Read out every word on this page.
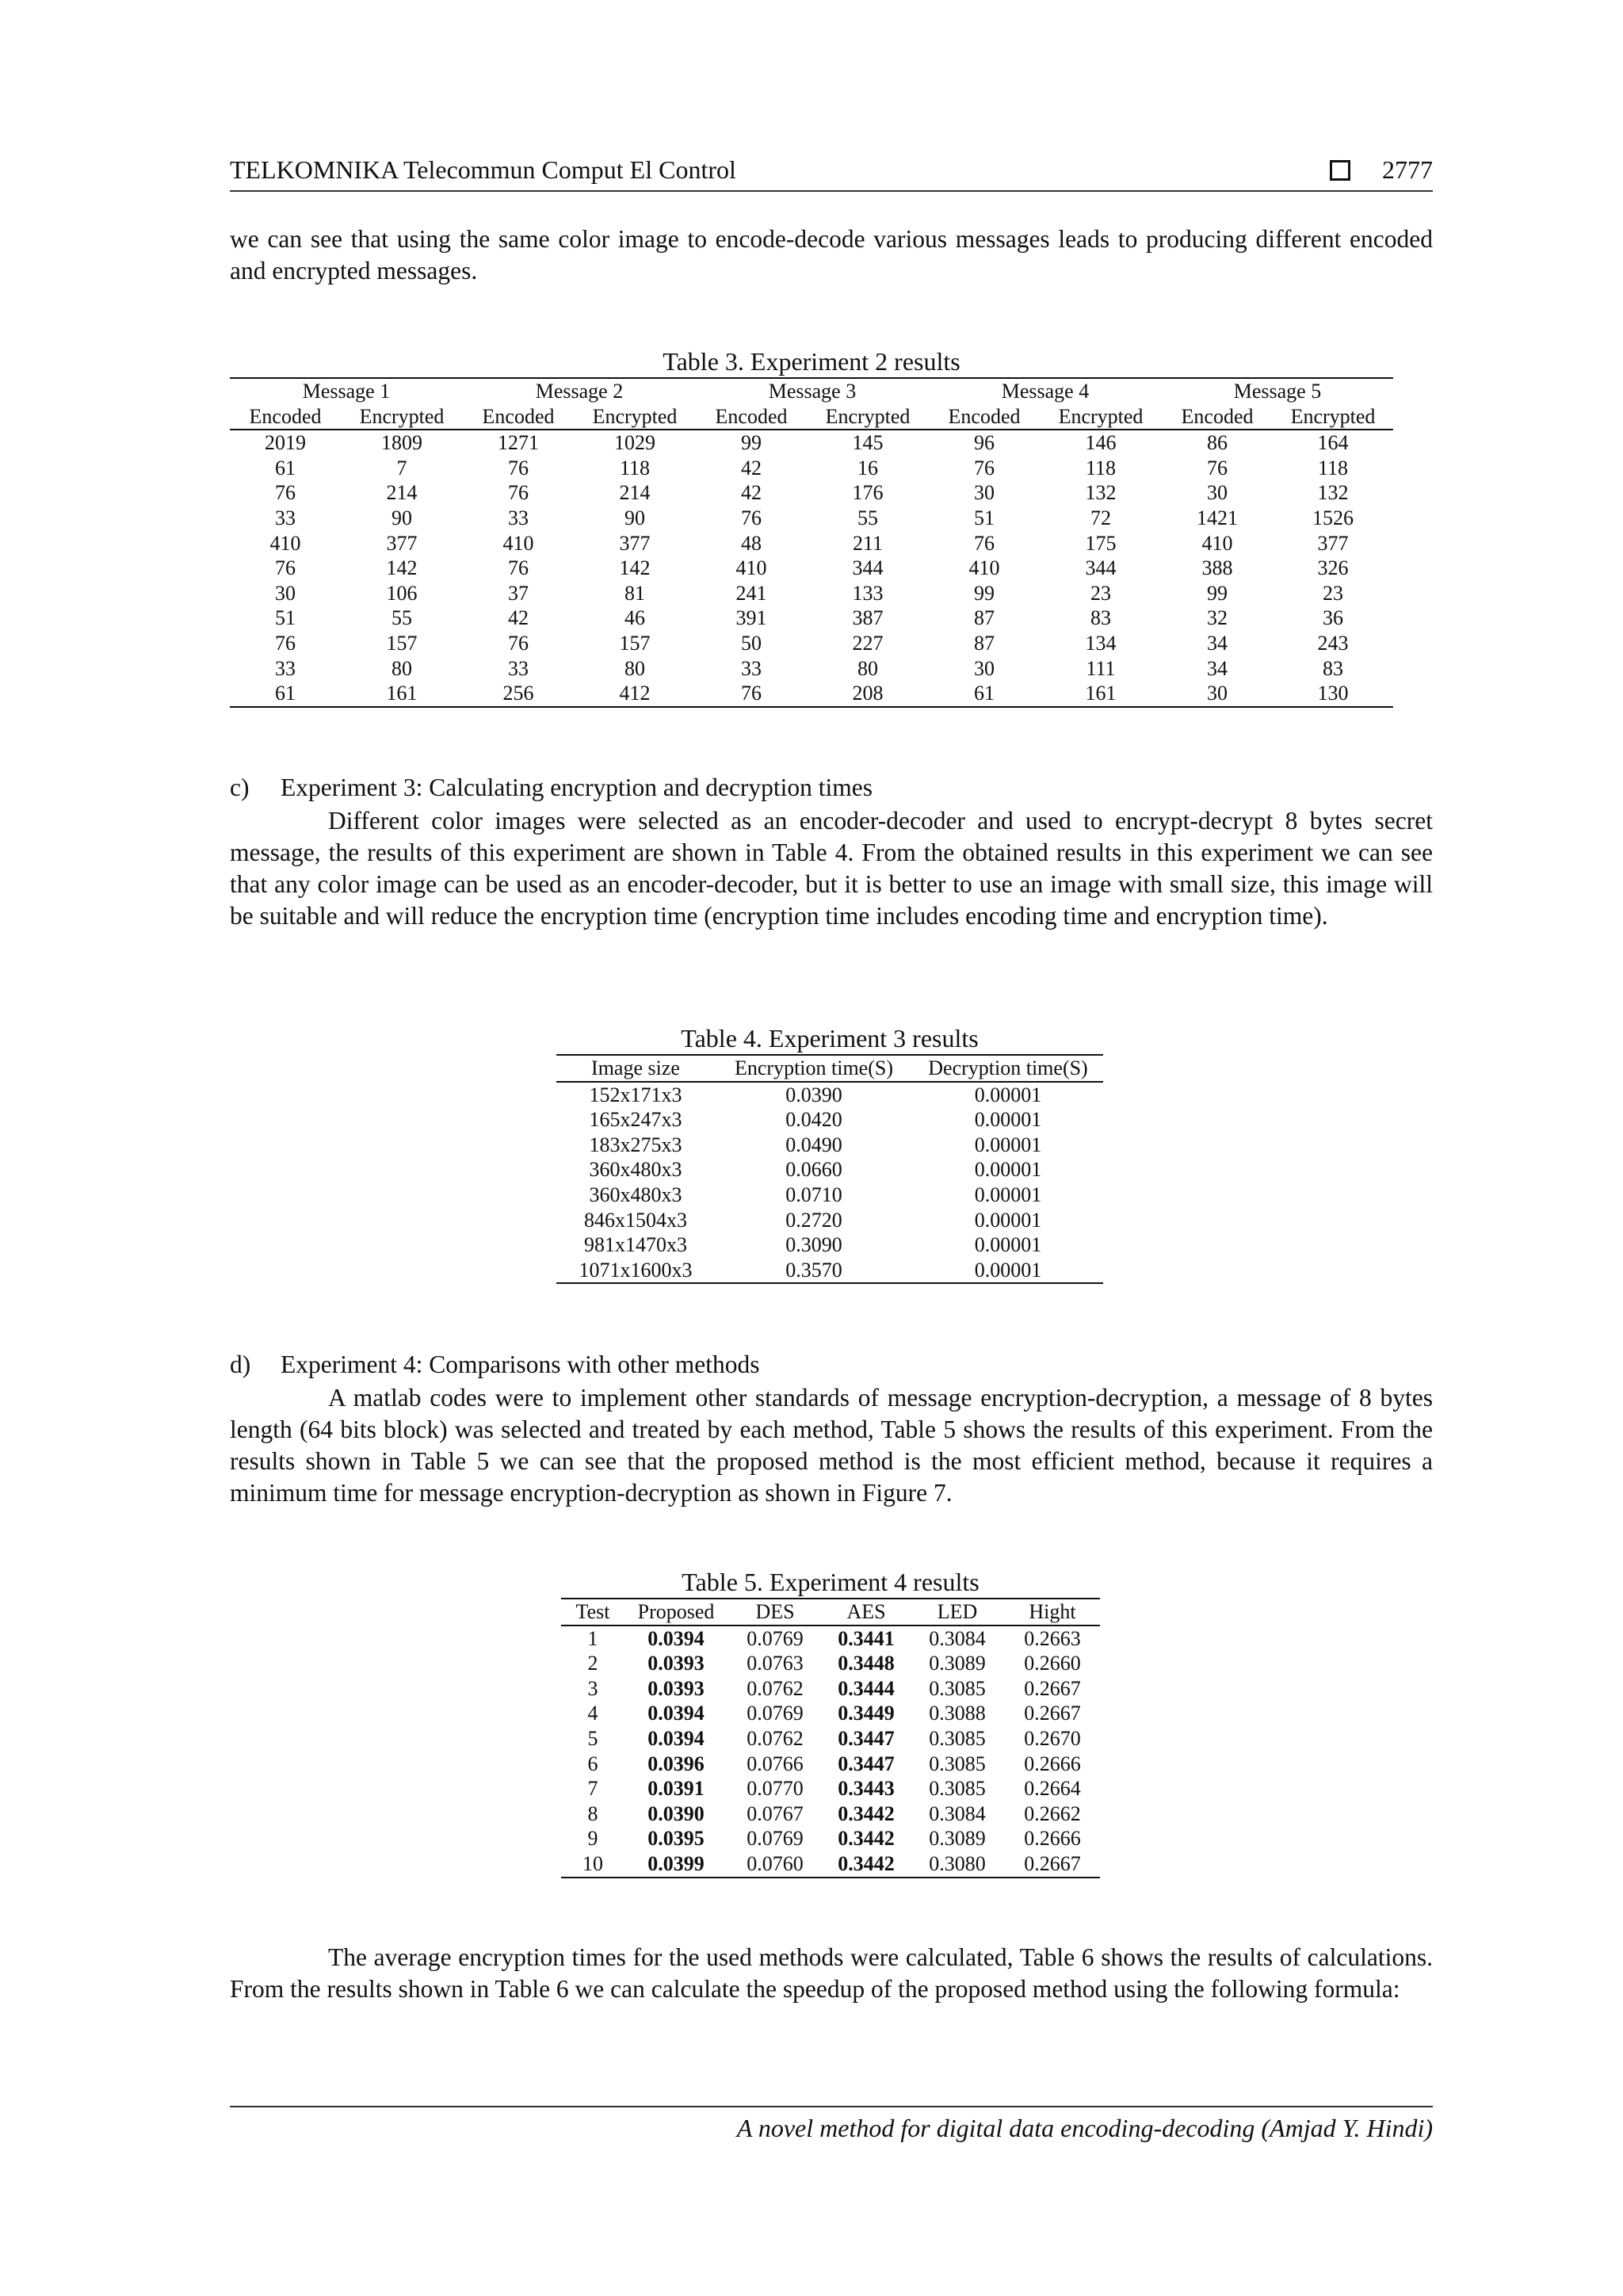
TELKOMNIKA Telecommun Comput El Control	2777

we can see that using the same color image to encode-decode various messages leads to producing different encoded and encrypted messages.

Table 3. Experiment 2 results
Message 1		Message 2		Message 3		Message 4		Message 5	
Encoded	Encrypted	Encoded	Encrypted	Encoded	Encrypted	Encoded	Encrypted	Encoded	Encrypted
2019	1809	1271	1029	99	145	96	146	86	164
61	7	76	118	42	16	76	118	76	118
76	214	76	214	42	176	30	132	30	132
33	90	33	90	76	55	51	72	1421	1526
410	377	410	377	48	211	76	175	410	377
76	142	76	142	410	344	410	344	388	326
30	106	37	81	241	133	99	23	99	23
51	55	42	46	391	387	87	83	32	36
76	157	76	157	50	227	87	134	34	243
33	80	33	80	33	80	30	111	34	83
61	161	256	412	76	208	61	161	30	130
c) Experiment 3: Calculating encryption and decryption times

Different color images were selected as an encoder-decoder and used to encrypt-decrypt 8 bytes secret message, the results of this experiment are shown in Table 4. From the obtained results in this experiment we can see that any color image can be used as an encoder-decoder, but it is better to use an image with small size, this image will be suitable and will reduce the encryption time (encryption time includes encoding time and encryption time).

Table 4. Experiment 3 results
Image size	Encryption time(S)	Decryption time(S)
152x171x3	0.0390	0.00001
165x247x3	0.0420	0.00001
183x275x3	0.0490	0.00001
360x480x3	0.0660	0.00001
360x480x3	0.0710	0.00001
846x1504x3	0.2720	0.00001
981x1470x3	0.3090	0.00001
1071x1600x3	0.3570	0.00001
d) Experiment 4: Comparisons with other methods

A matlab codes were to implement other standards of message encryption-decryption, a message of 8 bytes length (64 bits block) was selected and treated by each method, Table 5 shows the results of this experiment. From the results shown in Table 5 we can see that the proposed method is the most efficient method, because it requires a minimum time for message encryption-decryption as shown in Figure 7.

Table 5. Experiment 4 results
Test	Proposed	DES	AES	LED	Hight
1	0.0394	0.0769	0.3441	0.3084	0.2663
2	0.0393	0.0763	0.3448	0.3089	0.2660
3	0.0393	0.0762	0.3444	0.3085	0.2667
4	0.0394	0.0769	0.3449	0.3088	0.2667
5	0.0394	0.0762	0.3447	0.3085	0.2670
6	0.0396	0.0766	0.3447	0.3085	0.2666
7	0.0391	0.0770	0.3443	0.3085	0.2664
8	0.0390	0.0767	0.3442	0.3084	0.2662
9	0.0395	0.0769	0.3442	0.3089	0.2666
10	0.0399	0.0760	0.3442	0.3080	0.2667

The average encryption times for the used methods were calculated, Table 6 shows the results of calculations. From the results shown in Table 6 we can calculate the speedup of the proposed method using the following formula:

A novel method for digital data encoding-decoding (Amjad Y. Hindi)
